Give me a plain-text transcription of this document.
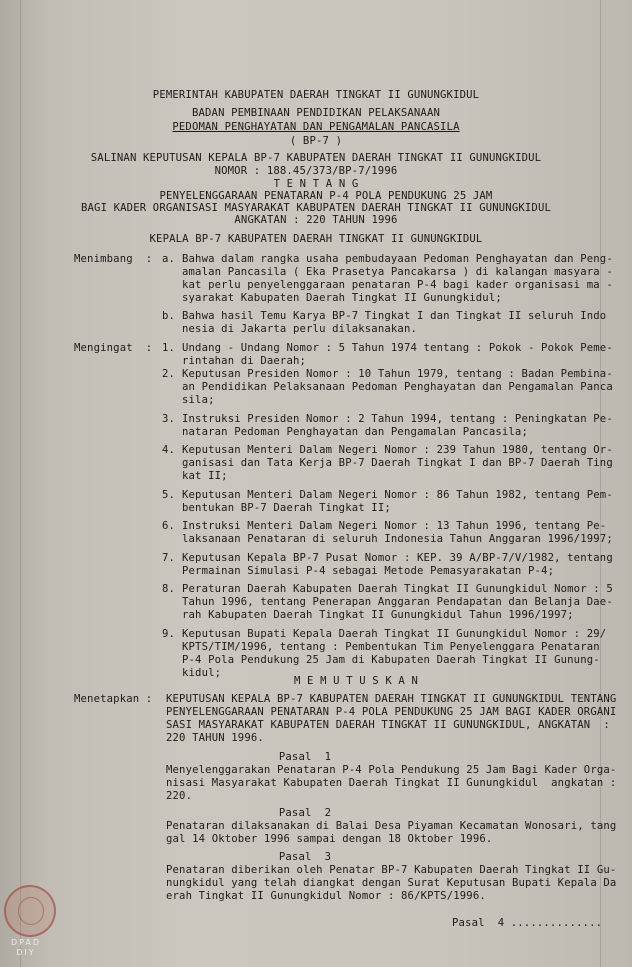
PEMERINTAH KABUPATEN DAERAH TINGKAT II GUNUNGKIDUL
BADAN PEMBINAAN PENDIDIKAN PELAKSANAAN
PEDOMAN PENGHAYATAN DAN PENGAMALAN PANCASILA
( BP-7 )
SALINAN KEPUTUSAN KEPALA BP-7 KABUPATEN DAERAH TINGKAT II GUNUNGKIDUL
NOMOR : 188.45/373/BP-7/1996
T E N T A N G
PENYELENGGARAAN PENATARAN P-4 POLA PENDUKUNG 25 JAM
BAGI KADER ORGANISASI MASYARAKAT KABUPATEN DAERAH TINGKAT II GUNUNGKIDUL
ANGKATAN : 220 TAHUN 1996
KEPALA BP-7 KABUPATEN DAERAH TINGKAT II GUNUNGKIDUL
Menimbang  : a. Bahwa dalam rangka usaha pembudayaan Pedoman Penghayatan dan Peng-
amalan Pancasila ( Eka Prasetya Pancakarsa ) di kalangan masyara -
kat perlu penyelenggaraan penataran P-4 bagi kader organisasi ma -
syarakat Kabupaten Daerah Tingkat II Gunungkidul;
b. Bahwa hasil Temu Karya BP-7 Tingkat I dan Tingkat II seluruh Indo
nesia di Jakarta perlu dilaksanakan.
Mengingat  : 1. Undang - Undang Nomor : 5 Tahun 1974 tentang : Pokok - Pokok Peme-
rintahan di Daerah;
2. Keputusan Presiden Nomor : 10 Tahun 1979, tentang : Badan Pembina-
an Pendidikan Pelaksanaan Pedoman Penghayatan dan Pengamalan Panca
sila;
3. Instruksi Presiden Nomor : 2 Tahun 1994, tentang : Peningkatan Pe-
nataran Pedoman Penghayatan dan Pengamalan Pancasila;
4. Keputusan Menteri Dalam Negeri Nomor : 239 Tahun 1980, tentang Or-
ganisasi dan Tata Kerja BP-7 Daerah Tingkat I dan BP-7 Daerah Ting
kat II;
5. Keputusan Menteri Dalam Negeri Nomor : 86 Tahun 1982, tentang Pem-
bentukan BP-7 Daerah Tingkat II;
6. Instruksi Menteri Dalam Negeri Nomor : 13 Tahun 1996, tentang Pe-
laksanaan Penataran di seluruh Indonesia Tahun Anggaran 1996/1997;
7. Keputusan Kepala BP-7 Pusat Nomor : KEP. 39 A/BP-7/V/1982, tentang
Permainan Simulasi P-4 sebagai Metode Pemasyarakatan P-4;
8. Peraturan Daerah Kabupaten Daerah Tingkat II Gunungkidul Nomor : 5
Tahun 1996, tentang Penerapan Anggaran Pendapatan dan Belanja Dae-
rah Kabupaten Daerah Tingkat II Gunungkidul Tahun 1996/1997;
9. Keputusan Bupati Kepala Daerah Tingkat II Gunungkidul Nomor : 29/
KPTS/TIM/1996, tentang : Pembentukan Tim Penyelenggara Penataran
P-4 Pola Pendukung 25 Jam di Kabupaten Daerah Tingkat II Gunung-
kidul;
M E M U T U S K A N
Menetapkan : KEPUTUSAN KEPALA BP-7 KABUPATEN DAERAH TINGKAT II GUNUNGKIDUL TENTANG
PENYELENGGARAAN PENATARAN P-4 POLA PENDUKUNG 25 JAM BAGI KADER ORGANI
SASI MASYARAKAT KABUPATEN DAERAH TINGKAT II GUNUNGKIDUL, ANGKATAN  :
220 TAHUN 1996.
Pasal  1
Menyelenggarakan Penataran P-4 Pola Pendukung 25 Jam Bagi Kader Orga-
nisasi Masyarakat Kabupaten Daerah Tingkat II Gunungkidul  angkatan :
220.
Pasal  2
Penataran dilaksanakan di Balai Desa Piyaman Kecamatan Wonosari, tang
gal 14 Oktober 1996 sampai dengan 18 Oktober 1996.
Pasal  3
Penataran diberikan oleh Penatar BP-7 Kabupaten Daerah Tingkat II Gu-
nungkidul yang telah diangkat dengan Surat Keputusan Bupati Kepala Da
erah Tingkat II Gunungkidul Nomor : 86/KPTS/1996.
Pasal  4 ..............
DPAD DIY
